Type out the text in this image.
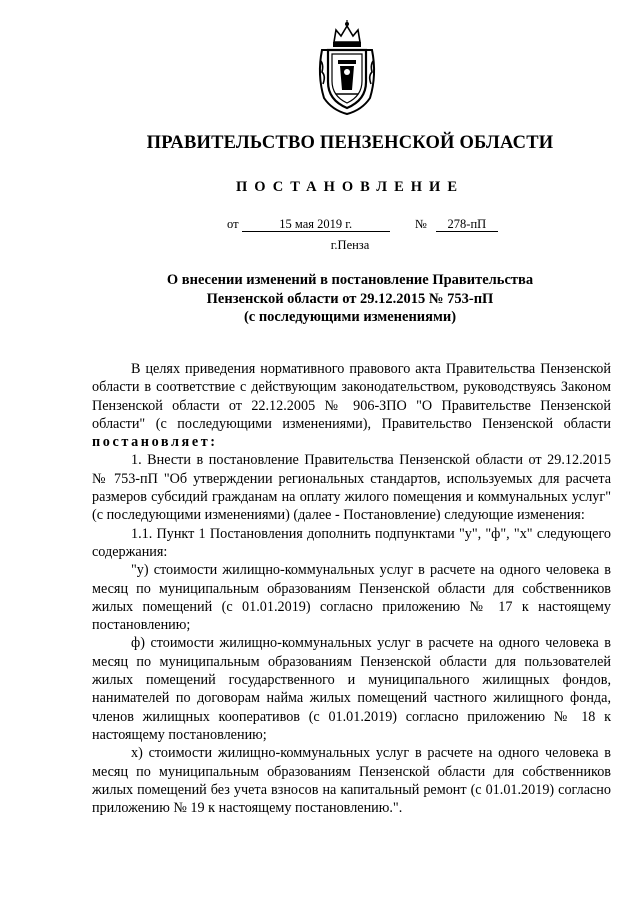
ПРАВИТЕЛЬСТВО ПЕНЗЕНСКОЙ ОБЛАСТИ
ПОСТАНОВЛЕНИЕ
от	15 мая 2019 г.	№ 278-пП
г.Пенза
О внесении изменений в постановление Правительства
Пензенской области от 29.12.2015 № 753-пП
(с последующими изменениями)

В целях приведения нормативного правового акта Правительства Пензенской области в соответствие с действующим законодательством, руководствуясь Законом Пензенской области от 22.12.2005 № 906-ЗПО "О Правительстве Пензенской области" (с последующими изменениями), Правительство Пензенской области постановляет:

1. Внести в постановление Правительства Пензенской области от 29.12.2015 № 753-пП "Об утверждении региональных стандартов, используемых для расчета размеров субсидий гражданам на оплату жилого помещения и коммунальных услуг" (с последующими изменениями) (далее - Постановление) следующие изменения:

1.1. Пункт 1 Постановления дополнить подпунктами "у", "ф", "х" следующего содержания:

"у) стоимости жилищно-коммунальных услуг в расчете на одного человека в месяц по муниципальным образованиям Пензенской области для собственников жилых помещений (с 01.01.2019) согласно приложению № 17 к настоящему постановлению;

ф) стоимости жилищно-коммунальных услуг в расчете на одного человека в месяц по муниципальным образованиям Пензенской области для пользователей жилых помещений государственного и муниципального жилищных фондов, нанимателей по договорам найма жилых помещений частного жилищного фонда, членов жилищных кооперативов (с 01.01.2019) согласно приложению № 18 к настоящему постановлению;

х) стоимости жилищно-коммунальных услуг в расчете на одного человека в месяц по муниципальным образованиям Пензенской области для собственников жилых помещений без учета взносов на капитальный ремонт (с 01.01.2019) согласно приложению № 19 к настоящему постановлению.".
